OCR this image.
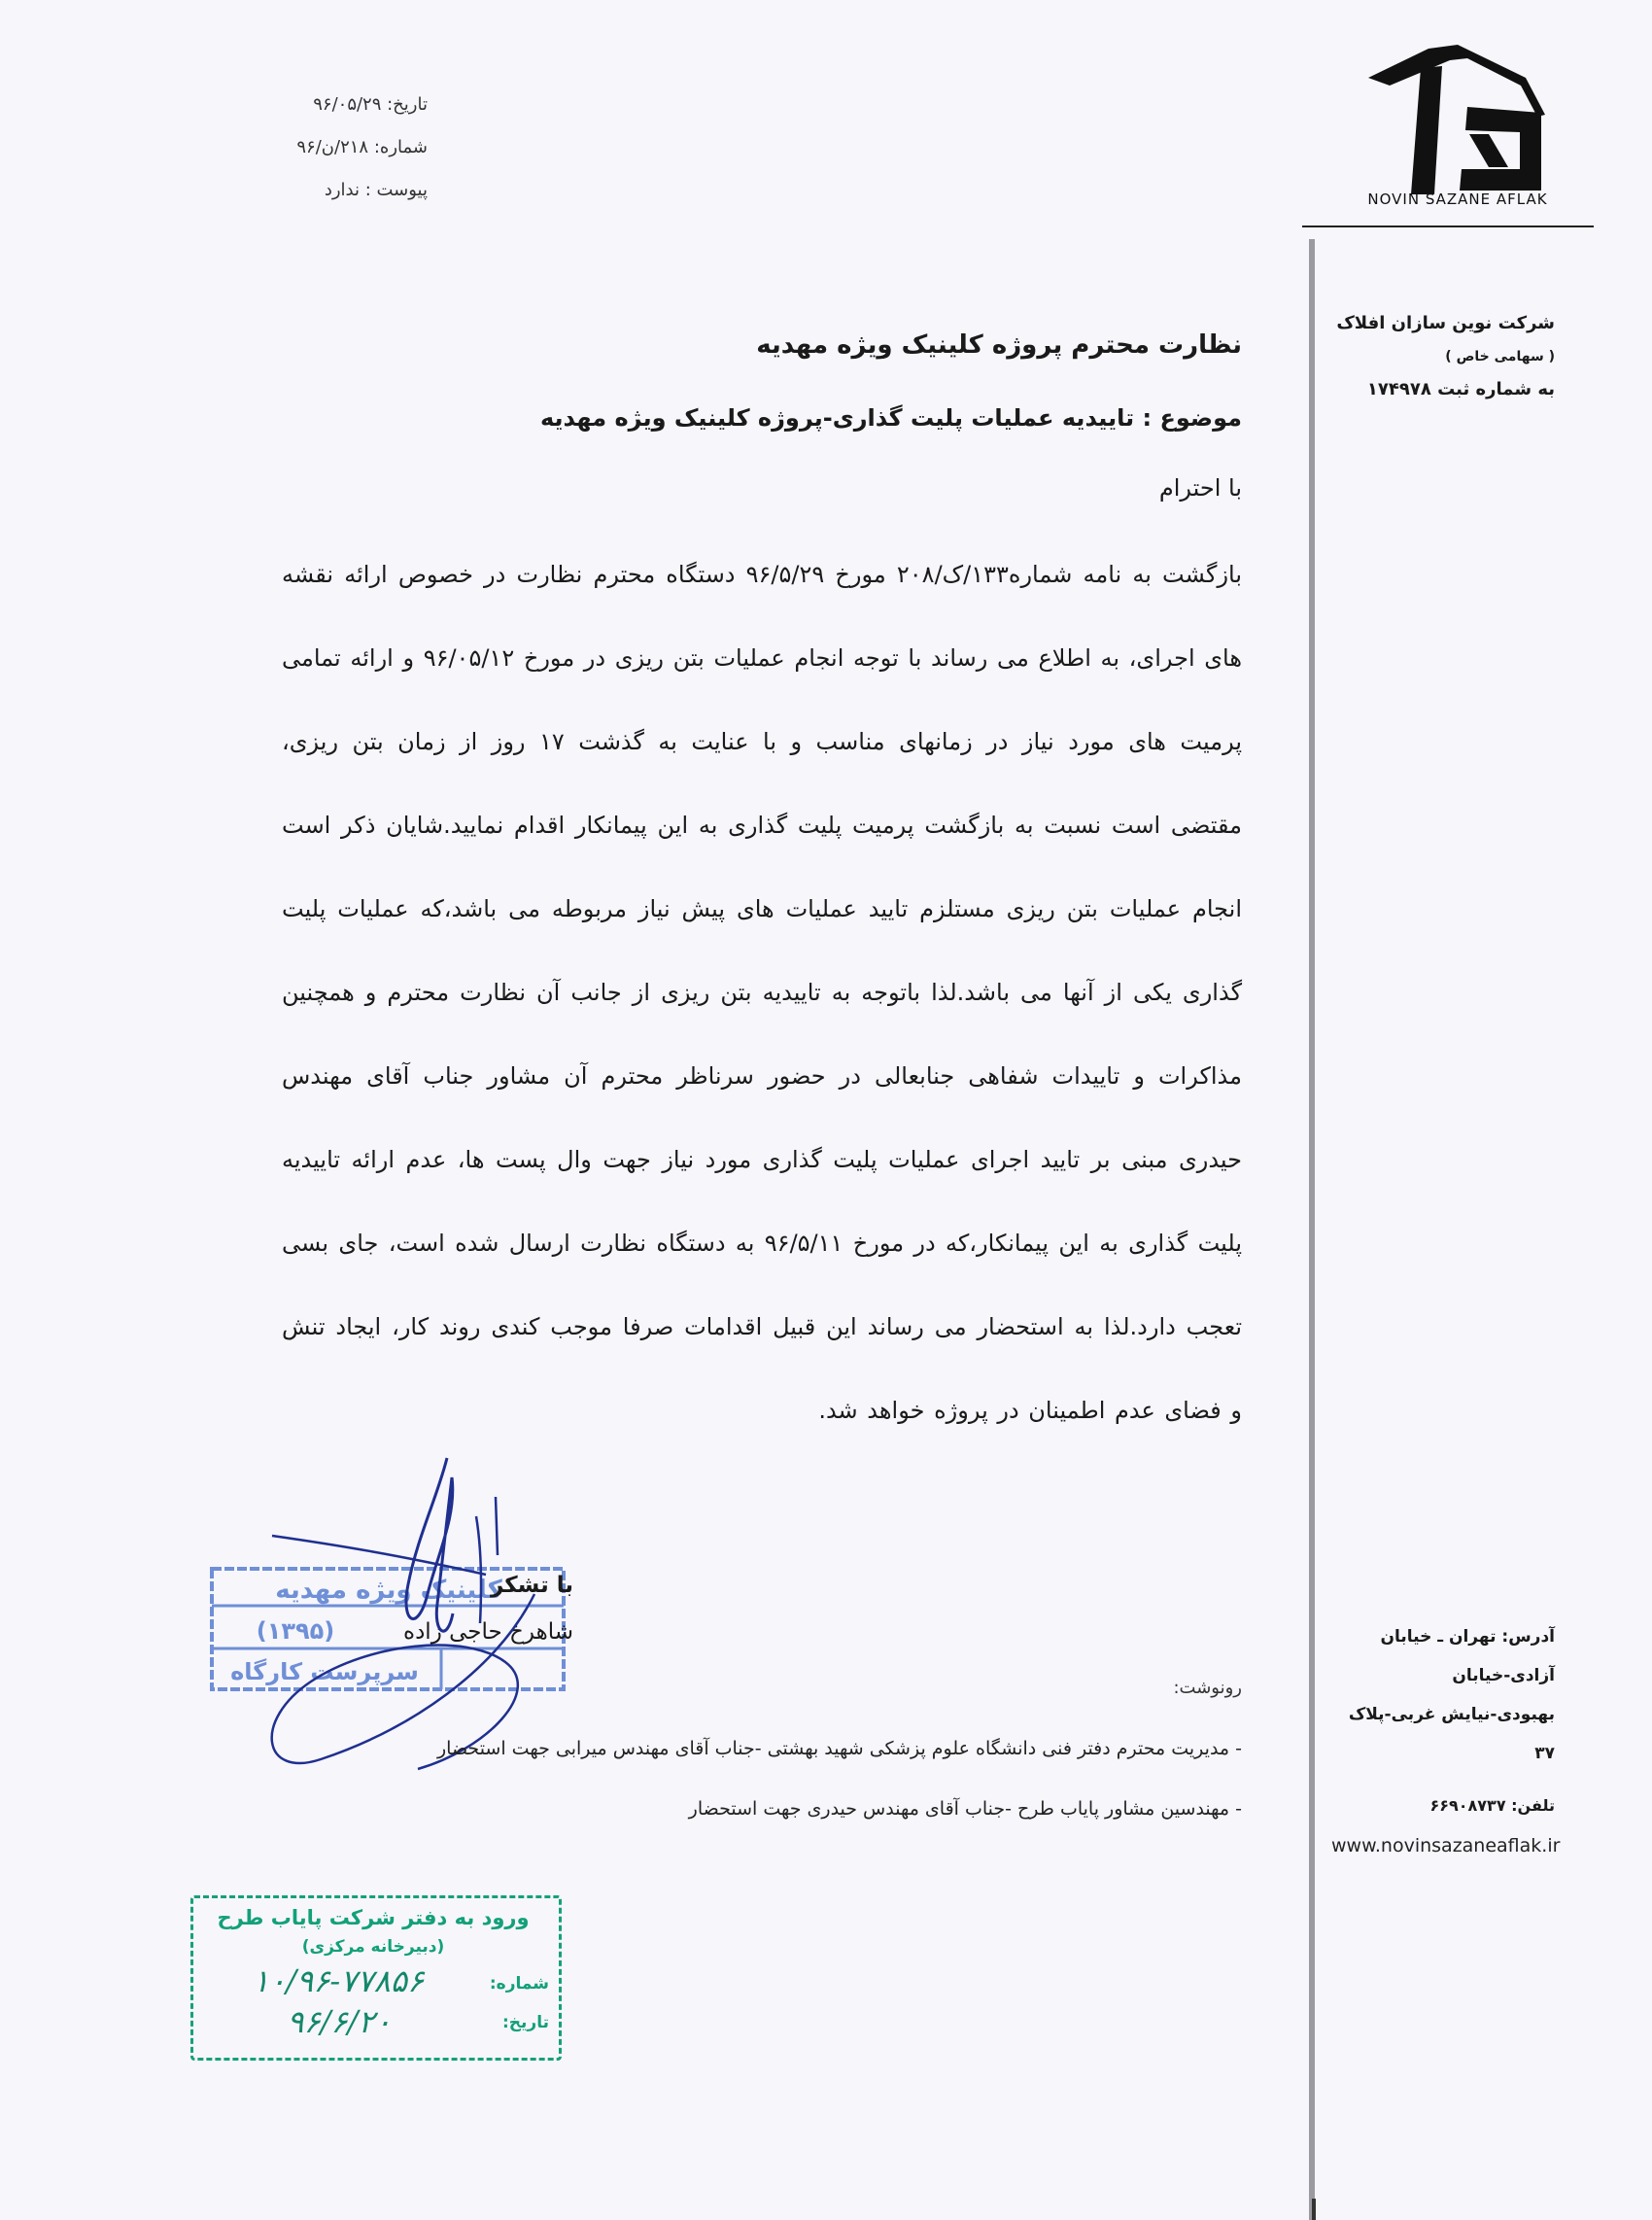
تاریخ: ۹۶/۰۵/۲۹
شماره: ۲۱۸/ن/۹۶
پیوست : ندارد	NOVIN SAZANE AFLAK
شرکت نوین سازان افلاک
( سهامی خاص )
به شماره ثبت ۱۷۴۹۷۸
آدرس: تهران ـ خیابان آزادی-خیابان
بهبودی-نیایش غربی-پلاک ۳۷
تلفن: ۶۶۹۰۸۷۳۷
www.novinsazaneaflak.ir
نظارت محترم پروژه کلینیک ویژه مهدیه
موضوع : تاییدیه عملیات پلیت گذاری-پروژه کلینیک ویژه مهدیه
با احترام
بازگشت به نامه شماره۱۳۳/ک/۲۰۸ مورخ ۹۶/۵/۲۹ دستگاه محترم نظارت در خصوص ارائه نقشه های اجرای، به اطلاع می رساند با توجه انجام عملیات بتن ریزی در مورخ ۹۶/۰۵/۱۲ و ارائه تمامی پرمیت های مورد نیاز در زمانهای مناسب و با عنایت به گذشت ۱۷ روز از زمان بتن ریزی، مقتضی است نسبت به بازگشت پرمیت پلیت گذاری به این پیمانکار اقدام نمایید.شایان ذکر است انجام عملیات بتن ریزی مستلزم تایید عملیات های پیش نیاز مربوطه می باشد،که عملیات پلیت گذاری یکی از آنها می باشد.لذا باتوجه به تاییدیه بتن ریزی از جانب آن نظارت محترم و همچنین مذاکرات و تاییدات شفاهی جنابعالی در حضور سرناظر محترم آن مشاور جناب آقای مهندس حیدری مبنی بر تایید اجرای عملیات پلیت گذاری مورد نیاز جهت وال پست ها، عدم ارائه تاییدیه پلیت گذاری به این پیمانکار،که در مورخ ۹۶/۵/۱۱ به دستگاه نظارت ارسال شده است، جای بسی تعجب دارد.لذا به استحضار می رساند این قبیل اقدامات صرفا موجب کندی روند کار، ایجاد تنش و فضای عدم اطمینان در پروژه خواهد شد.
کلینیک ویژه مهدیه
(۱۳۹۵)
سرپرست کارگاه
با تشکر
شاهرخ حاجی زاده
رونوشت:
- مدیریت محترم دفتر فنی دانشگاه علوم پزشکی شهید بهشتی -جناب آقای مهندس میرابی جهت استحضار
- مهندسین مشاور پایاب طرح -جناب آقای مهندس حیدری جهت استحضار
ورود به دفتر شرکت پایاب طرح
(دبیرخانه مرکزی)
شماره:
تاریخ:
۱۰/۹۶-۷۷۸۵۶
۹۶/۶/۲۰
